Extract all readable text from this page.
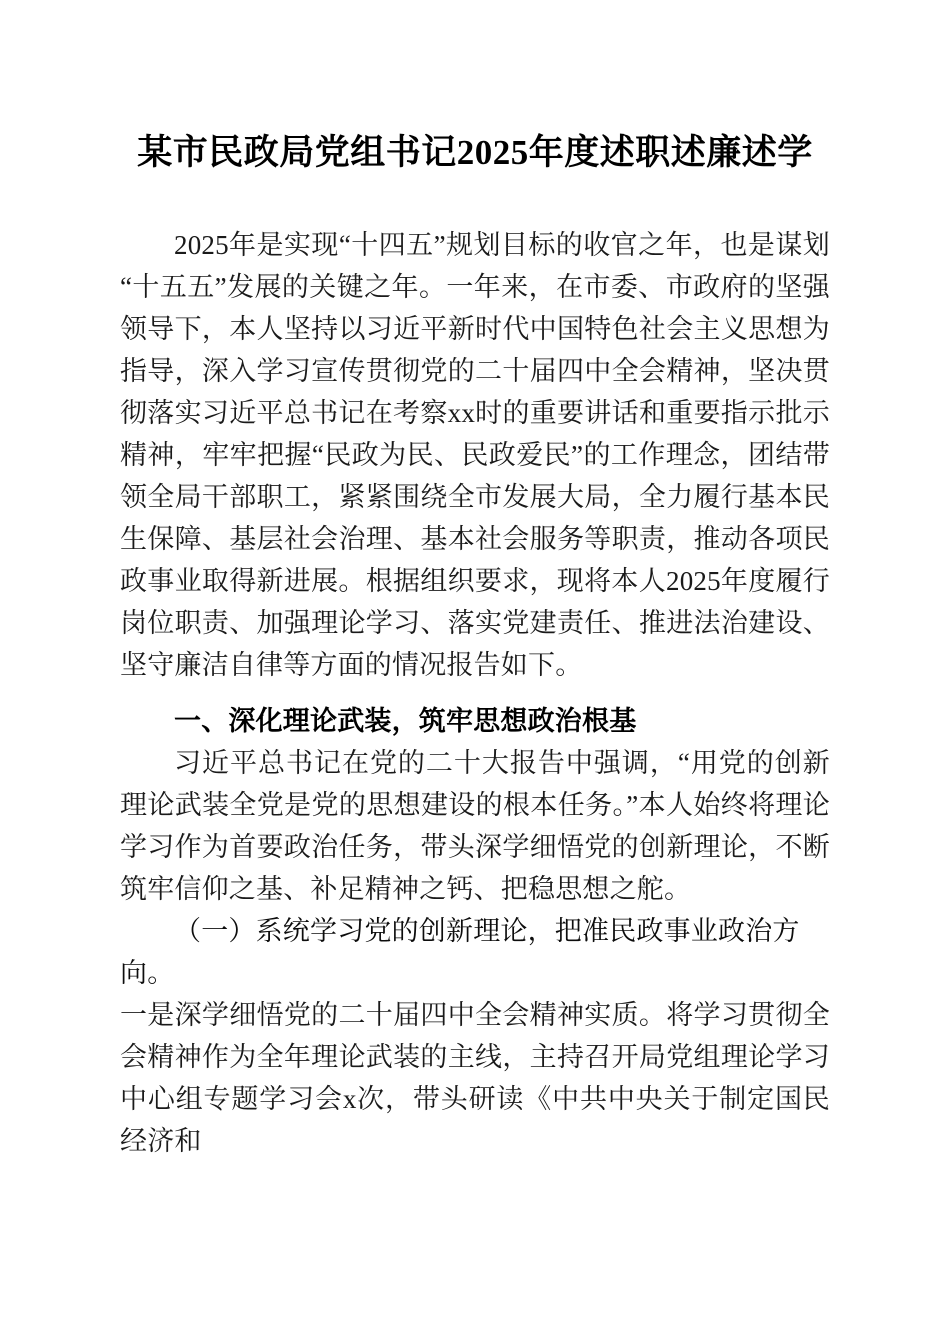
某市民政局党组书记2025年度述职述廉述学

2025年是实现“十四五”规划目标的收官之年，也是谋划“十五五”发展的关键之年。一年来，在市委、市政府的坚强领导下，本人坚持以习近平新时代中国特色社会主义思想为指导，深入学习宣传贯彻党的二十届四中全会精神，坚决贯彻落实习近平总书记在考察xx时的重要讲话和重要指示批示精神，牢牢把握“民政为民、民政爱民”的工作理念，团结带领全局干部职工，紧紧围绕全市发展大局，全力履行基本民生保障、基层社会治理、基本社会服务等职责，推动各项民政事业取得新进展。根据组织要求，现将本人2025年度履行岗位职责、加强理论学习、落实党建责任、推进法治建设、坚守廉洁自律等方面的情况报告如下。

一、深化理论武装，筑牢思想政治根基

习近平总书记在党的二十大报告中强调，“用党的创新理论武装全党是党的思想建设的根本任务。”本人始终将理论学习作为首要政治任务，带头深学细悟党的创新理论，不断筑牢信仰之基、补足精神之钙、把稳思想之舵。

（一）系统学习党的创新理论，把准民政事业政治方向。

一是深学细悟党的二十届四中全会精神实质。将学习贯彻全会精神作为全年理论武装的主线，主持召开局党组理论学习中心组专题学习会x次，带头研读《中共中央关于制定国民经济和
